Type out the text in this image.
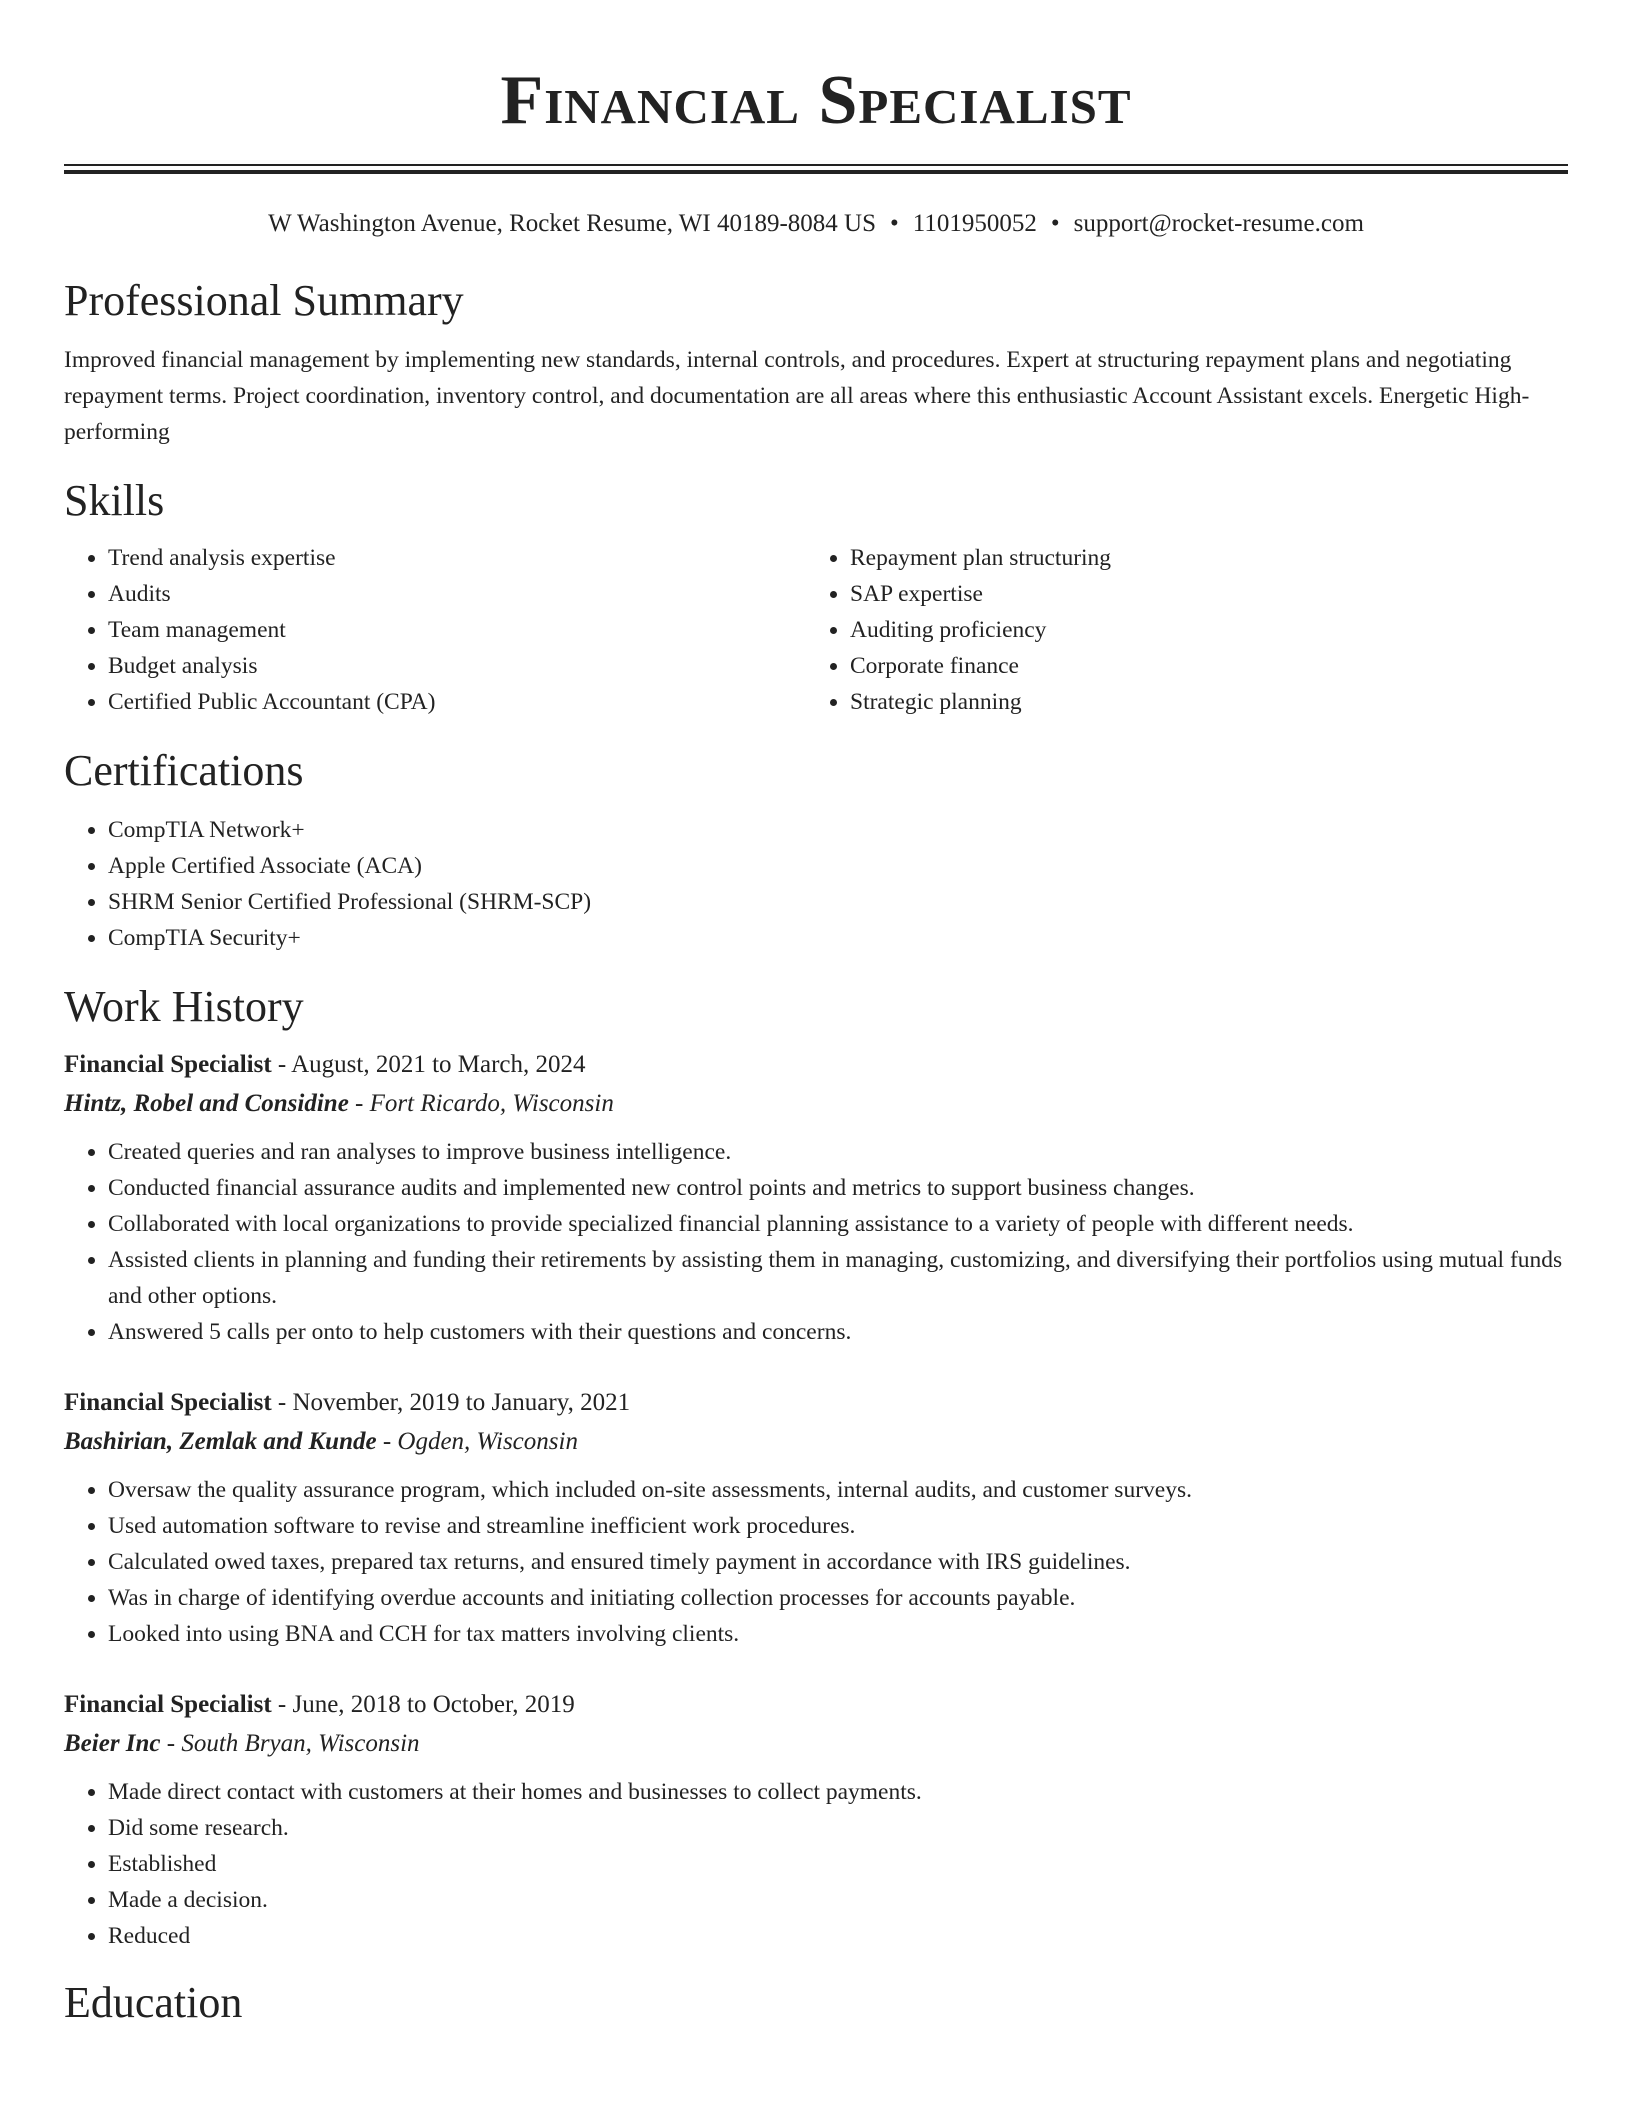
Financial Specialist
W Washington Avenue, Rocket Resume, WI 40189-8084 US • 1101950052 • support@rocket-resume.com
Professional Summary
Improved financial management by implementing new standards, internal controls, and procedures. Expert at structuring repayment plans and negotiating repayment terms. Project coordination, inventory control, and documentation are all areas where this enthusiastic Account Assistant excels. Energetic High-performing
Skills
• Trend analysis expertise
• Audits
• Team management
• Budget analysis
• Certified Public Accountant (CPA)
• Repayment plan structuring
• SAP expertise
• Auditing proficiency
• Corporate finance
• Strategic planning
Certifications
• CompTIA Network+
• Apple Certified Associate (ACA)
• SHRM Senior Certified Professional (SHRM-SCP)
• CompTIA Security+
Work History
Financial Specialist - August, 2021 to March, 2024
Hintz, Robel and Considine - Fort Ricardo, Wisconsin
• Created queries and ran analyses to improve business intelligence.
• Conducted financial assurance audits and implemented new control points and metrics to support business changes.
• Collaborated with local organizations to provide specialized financial planning assistance to a variety of people with different needs.
• Assisted clients in planning and funding their retirements by assisting them in managing, customizing, and diversifying their portfolios using mutual funds and other options.
• Answered 5 calls per onto to help customers with their questions and concerns.
Financial Specialist - November, 2019 to January, 2021
Bashirian, Zemlak and Kunde - Ogden, Wisconsin
• Oversaw the quality assurance program, which included on-site assessments, internal audits, and customer surveys.
• Used automation software to revise and streamline inefficient work procedures.
• Calculated owed taxes, prepared tax returns, and ensured timely payment in accordance with IRS guidelines.
• Was in charge of identifying overdue accounts and initiating collection processes for accounts payable.
• Looked into using BNA and CCH for tax matters involving clients.
Financial Specialist - June, 2018 to October, 2019
Beier Inc - South Bryan, Wisconsin
• Made direct contact with customers at their homes and businesses to collect payments.
• Did some research.
• Established
• Made a decision.
• Reduced
Education
